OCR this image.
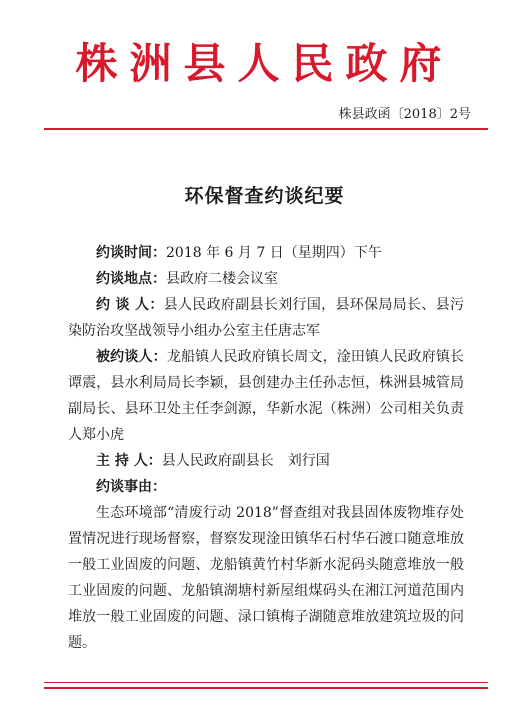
株洲县人民政府
株县政函〔2018〕2号
环保督查约谈纪要

约谈时间：2018 年 6 月 7 日（星期四）下午

约谈地点：县政府二楼会议室

约 谈 人：县人民政府副县长刘行国，县环保局局长、县污染防治攻坚战领导小组办公室主任唐志军

被约谈人：龙船镇人民政府镇长周文，淦田镇人民政府镇长谭震，县水利局局长李颖，县创建办主任孙志恒，株洲县城管局副局长、县环卫处主任李剑源，华新水泥（株洲）公司相关负责人郑小虎

主 持 人：县人民政府副县长　刘行国

约谈事由：

生态环境部“清废行动 2018”督查组对我县固体废物堆存处置情况进行现场督察，督察发现淦田镇华石村华石渡口随意堆放一般工业固废的问题、龙船镇黄竹村华新水泥码头随意堆放一般工业固废的问题、龙船镇湖塘村新屋组煤码头在湘江河道范围内堆放一般工业固废的问题、渌口镇梅子湖随意堆放建筑垃圾的问题。
